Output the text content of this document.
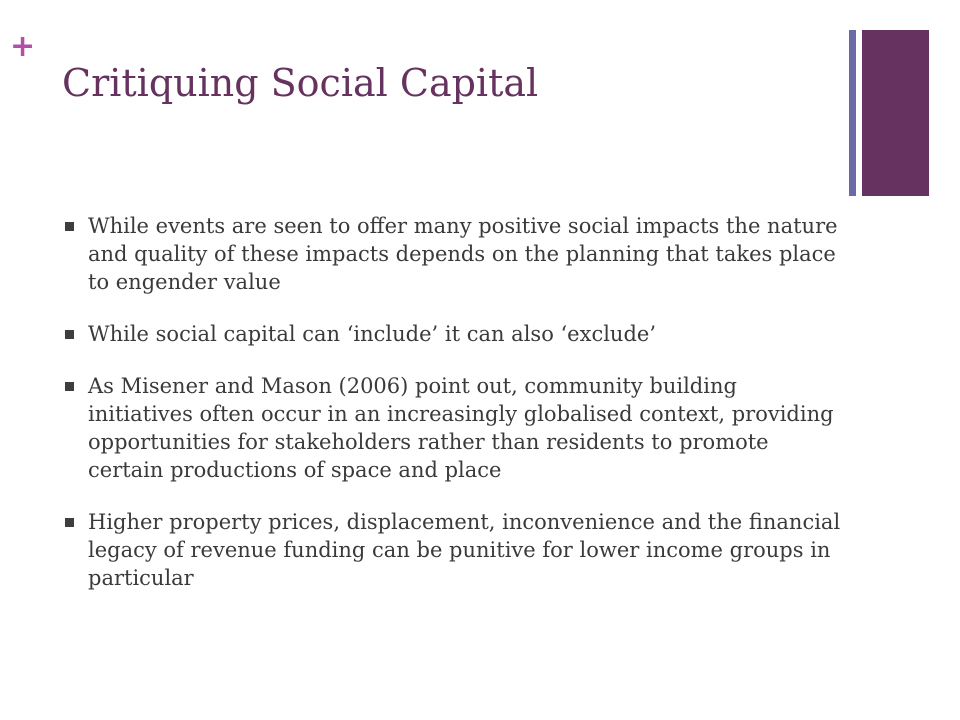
+
Critiquing Social Capital
While events are seen to offer many positive social impacts the nature and quality of these impacts depends on the planning that takes place to engender value
While social capital can ‘include’ it can also ‘exclude’
As Misener and Mason (2006) point out, community building initiatives often occur in an increasingly globalised context, providing opportunities for stakeholders rather than residents to promote certain productions of space and place
Higher property prices, displacement, inconvenience and the financial legacy of revenue funding can be punitive for lower income groups in particular
